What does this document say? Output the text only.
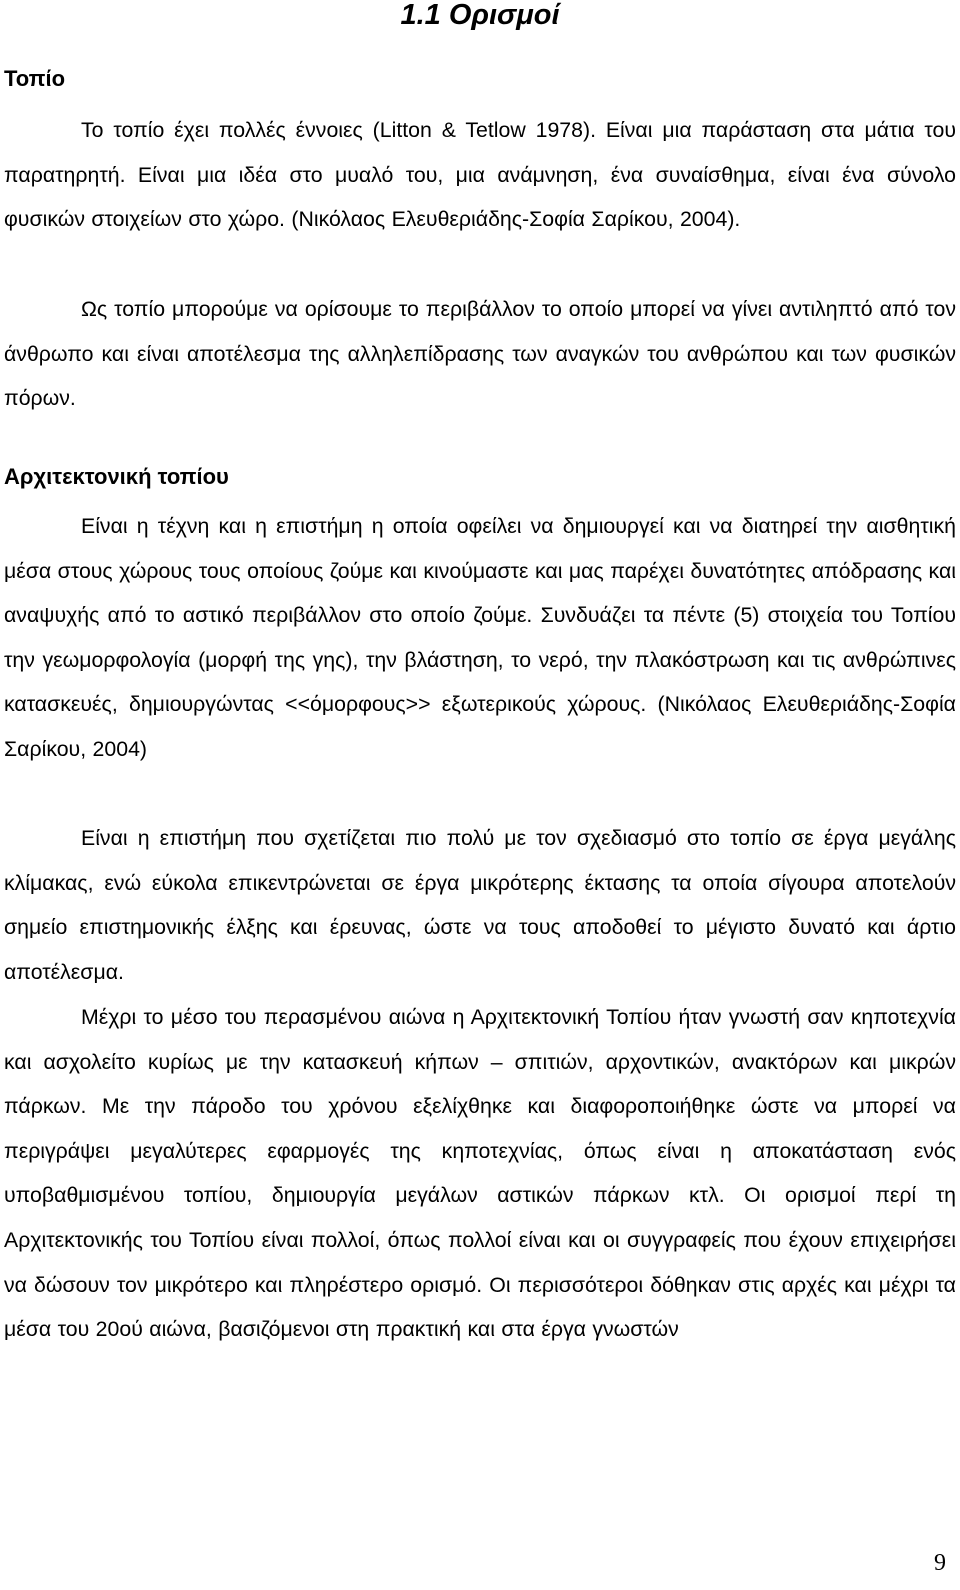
1.1 Ορισμοί
Τοπίο

Το τοπίο έχει πολλές έννοιες (Litton & Tetlow 1978). Είναι μια παράσταση στα μάτια του παρατηρητή. Είναι μια ιδέα στο μυαλό του, μια ανάμνηση, ένα συναίσθημα, είναι ένα σύνολο φυσικών στοιχείων στο χώρο. (Νικόλαος Ελευθεριάδης-Σοφία Σαρίκου, 2004).

Ως τοπίο μπορούμε να ορίσουμε το περιβάλλον το οποίο μπορεί να γίνει αντιληπτό από τον άνθρωπο και είναι αποτέλεσμα της αλληλεπίδρασης των αναγκών του ανθρώπου και των φυσικών πόρων.

Αρχιτεκτονική τοπίου

Είναι η τέχνη και η επιστήμη η οποία οφείλει να δημιουργεί και να διατηρεί την αισθητική μέσα στους χώρους τους οποίους ζούμε και κινούμαστε και μας παρέχει δυνατότητες απόδρασης και αναψυχής από το αστικό περιβάλλον στο οποίο ζούμε. Συνδυάζει τα πέντε (5) στοιχεία του Τοπίου την γεωμορφολογία (μορφή της γης), την βλάστηση, το νερό, την πλακόστρωση και τις ανθρώπινες κατασκευές, δημιουργώντας <<όμορφους>> εξωτερικούς χώρους. (Νικόλαος Ελευθεριάδης-Σοφία Σαρίκου, 2004)

Είναι η επιστήμη που σχετίζεται πιο πολύ με τον σχεδιασμό στο τοπίο σε έργα μεγάλης κλίμακας, ενώ εύκολα επικεντρώνεται σε έργα μικρότερης έκτασης τα οποία σίγουρα αποτελούν σημείο επιστημονικής έλξης και έρευνας, ώστε να τους αποδοθεί το μέγιστο δυνατό και άρτιο αποτέλεσμα.

Μέχρι το μέσο του περασμένου αιώνα η Αρχιτεκτονική Τοπίου ήταν γνωστή σαν κηποτεχνία και ασχολείτο κυρίως με την κατασκευή κήπων – σπιτιών, αρχοντικών, ανακτόρων και μικρών πάρκων. Με την πάροδο του χρόνου εξελίχθηκε και διαφοροποιήθηκε ώστε να μπορεί να περιγράψει μεγαλύτερες εφαρμογές της κηποτεχνίας, όπως είναι η αποκατάσταση ενός υποβαθμισμένου τοπίου, δημιουργία μεγάλων αστικών πάρκων κτλ. Οι ορισμοί περί τη Αρχιτεκτονικής του Τοπίου είναι πολλοί, όπως πολλοί είναι και οι συγγραφείς που έχουν επιχειρήσει να δώσουν τον μικρότερο και πληρέστερο ορισμό. Οι περισσότεροι δόθηκαν στις αρχές και μέχρι τα μέσα του 20ού αιώνα, βασιζόμενοι στη πρακτική και στα έργα γνωστών

9
